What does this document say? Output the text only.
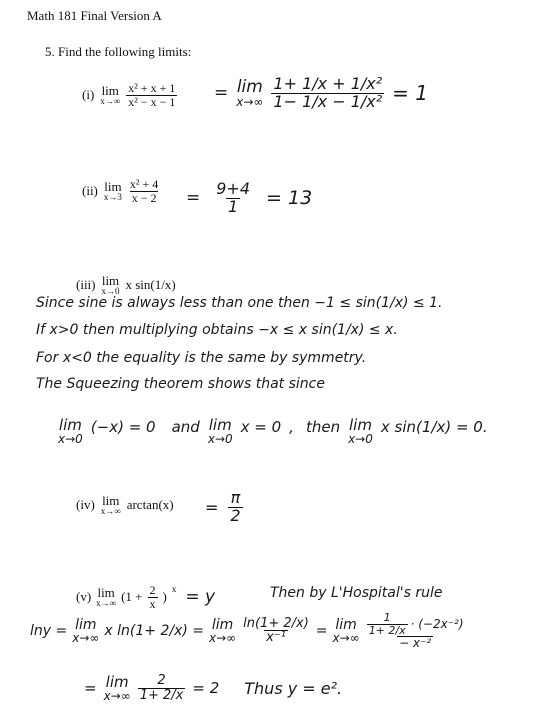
Math 181 Final Version A
5. Find the following limits:
(i) lim
$x\to\infty \frac{\text{x² + x + 1}}{\text{x² − x − 1}} = \lim$
$x\to\infty \frac{\text{1+ 1/x + 1/x²}}{\text{1− 1/x − 1/x²}} = 1$
(ii) lim
$x\to 3 \frac{\text{x² + 4}}{x - 2} = \frac{9+4}{1} = 13$
(iii) lim
x→0 x sin(1/x)
Since sine is always less than one then −1 ≤ sin(1/x) ≤ 1.
If x>0 then multiplying obtains −x ≤ x sin(1/x) ≤ x.
For x<0 the equality is the same by symmetry.
The Squeezing theorem shows that since
lim
x→0
(−x) = 0 and lim
x→0
x = 0 , then lim
x→0
x sin(1/x) = 0.
(iv) lim
x→∞ $\arctan(x) = \frac{\pi}{2}$
(v) lim
x→∞ ($1 + \frac{2}{x}$ )
x = y	Then by L'Hospital's rule
lny = lim
x→∞ x ln(1+ 2/x) = lim
$x\to\infty \frac{\ln(1+ 2/x)}{\text{x⁻¹}} = \lim$
$x\to\infty \frac{\frac{1}{1+ 2/x} \cdot (-2x^{-2})}{\text{− x⁻²}}$
= lim
$x\to\infty \frac{2}{1+ 2/x} = 2$ Thus y = e².
